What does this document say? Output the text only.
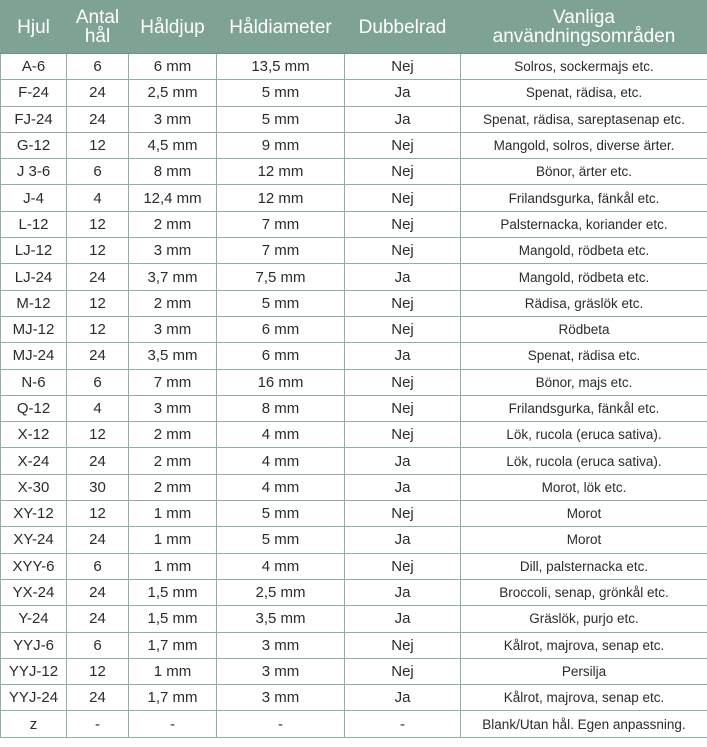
Hjul	Antal hål	Håldjup	Håldiameter	Dubbelrad	Vanliga användningsområden
A-6	6	6 mm	13,5 mm	Nej	Solros, sockermajs etc.
F-24	24	2,5 mm	5 mm	Ja	Spenat, rädisa, etc.
FJ-24	24	3 mm	5 mm	Ja	Spenat, rädisa, sareptasenap etc.
G-12	12	4,5 mm	9 mm	Nej	Mangold, solros, diverse ärter.
J 3-6	6	8 mm	12 mm	Nej	Bönor, ärter etc.
J-4	4	12,4 mm	12 mm	Nej	Frilandsgurka, fänkål etc.
L-12	12	2 mm	7 mm	Nej	Palsternacka, koriander etc.
LJ-12	12	3 mm	7 mm	Nej	Mangold, rödbeta etc.
LJ-24	24	3,7 mm	7,5 mm	Ja	Mangold, rödbeta etc.
M-12	12	2 mm	5 mm	Nej	Rädisa, gräslök etc.
MJ-12	12	3 mm	6 mm	Nej	Rödbeta
MJ-24	24	3,5 mm	6 mm	Ja	Spenat, rädisa etc.
N-6	6	7 mm	16 mm	Nej	Bönor, majs etc.
Q-12	4	3 mm	8 mm	Nej	Frilandsgurka, fänkål etc.
X-12	12	2 mm	4 mm	Nej	Lök, rucola (eruca sativa).
X-24	24	2 mm	4 mm	Ja	Lök, rucola (eruca sativa).
X-30	30	2 mm	4 mm	Ja	Morot, lök etc.
XY-12	12	1 mm	5 mm	Nej	Morot
XY-24	24	1 mm	5 mm	Ja	Morot
XYY-6	6	1 mm	4 mm	Nej	Dill, palsternacka etc.
YX-24	24	1,5 mm	2,5 mm	Ja	Broccoli, senap, grönkål etc.
Y-24	24	1,5 mm	3,5 mm	Ja	Gräslök, purjo etc.
YYJ-6	6	1,7 mm	3 mm	Nej	Kålrot, majrova, senap etc.
YYJ-12	12	1 mm	3 mm	Nej	Persilja
YYJ-24	24	1,7 mm	3 mm	Ja	Kålrot, majrova, senap etc.
z	-	-	-	-	Blank/Utan hål. Egen anpassning.
